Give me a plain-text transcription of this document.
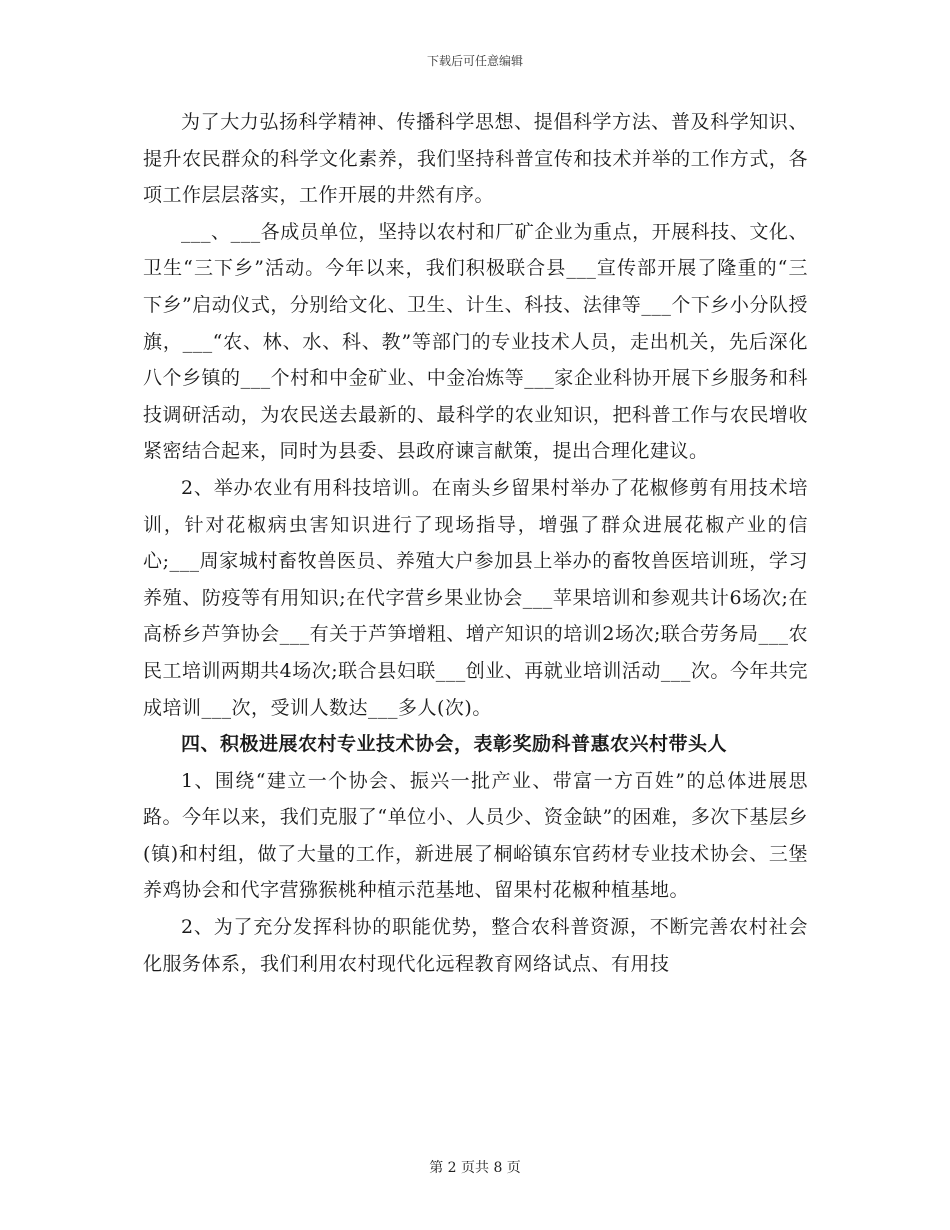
下载后可任意编辑

为了大力弘扬科学精神、传播科学思想、提倡科学方法、普及科学知识、提升农民群众的科学文化素养，我们坚持科普宣传和技术并举的工作方式，各项工作层层落实，工作开展的井然有序。

___、___各成员单位，坚持以农村和厂矿企业为重点，开展科技、文化、卫生“三下乡”活动。今年以来，我们积极联合县___宣传部开展了隆重的“三下乡”启动仪式，分别给文化、卫生、计生、科技、法律等___个下乡小分队授旗，___“农、林、水、科、教”等部门的专业技术人员，走出机关，先后深化八个乡镇的___个村和中金矿业、中金冶炼等___家企业科协开展下乡服务和科技调研活动，为农民送去最新的、最科学的农业知识，把科普工作与农民增收紧密结合起来，同时为县委、县政府谏言献策，提出合理化建议。

2、举办农业有用科技培训。在南头乡留果村举办了花椒修剪有用技术培训，针对花椒病虫害知识进行了现场指导，增强了群众进展花椒产业的信心;___周家城村畜牧兽医员、养殖大户参加县上举办的畜牧兽医培训班，学习养殖、防疫等有用知识;在代字营乡果业协会___苹果培训和参观共计6场次;在高桥乡芦笋协会___有关于芦笋增粗、增产知识的培训2场次;联合劳务局___农民工培训两期共4场次;联合县妇联___创业、再就业培训活动___次。今年共完成培训___次，受训人数达___多人(次)。

四、积极进展农村专业技术协会，表彰奖励科普惠农兴村带头人

1、围绕“建立一个协会、振兴一批产业、带富一方百姓”的总体进展思路。今年以来，我们克服了“单位小、人员少、资金缺”的困难，多次下基层乡(镇)和村组，做了大量的工作，新进展了桐峪镇东官药材专业技术协会、三堡养鸡协会和代字营猕猴桃种植示范基地、留果村花椒种植基地。

2、为了充分发挥科协的职能优势，整合农科普资源，不断完善农村社会化服务体系，我们利用农村现代化远程教育网络试点、有用技

第 2 页共 8 页
